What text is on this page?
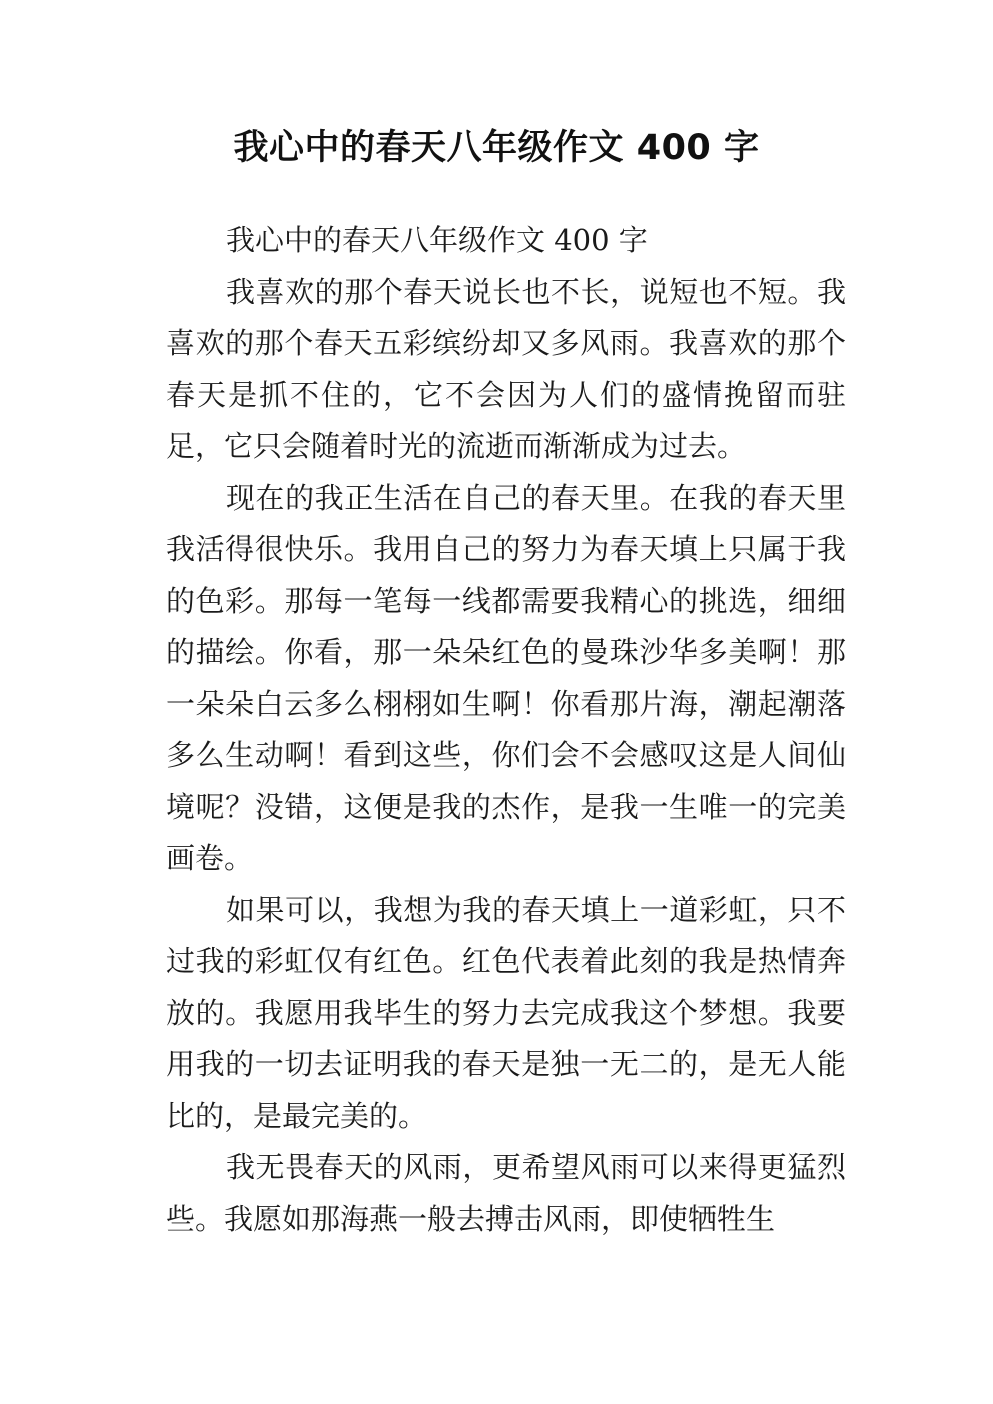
我心中的春天八年级作文 400 字

我心中的春天八年级作文 400 字

我喜欢的那个春天说长也不长，说短也不短。我喜欢的那个春天五彩缤纷却又多风雨。我喜欢的那个春天是抓不住的，它不会因为人们的盛情挽留而驻足，它只会随着时光的流逝而渐渐成为过去。

现在的我正生活在自己的春天里。在我的春天里我活得很快乐。我用自己的努力为春天填上只属于我的色彩。那每一笔每一线都需要我精心的挑选，细细的描绘。你看，那一朵朵红色的曼珠沙华多美啊！那一朵朵白云多么栩栩如生啊！你看那片海，潮起潮落多么生动啊！看到这些，你们会不会感叹这是人间仙境呢？没错，这便是我的杰作，是我一生唯一的完美画卷。

如果可以，我想为我的春天填上一道彩虹，只不过我的彩虹仅有红色。红色代表着此刻的我是热情奔放的。我愿用我毕生的努力去完成我这个梦想。我要用我的一切去证明我的春天是独一无二的，是无人能比的，是最完美的。

我无畏春天的风雨，更希望风雨可以来得更猛烈些。我愿如那海燕一般去搏击风雨，即使牺牲生
